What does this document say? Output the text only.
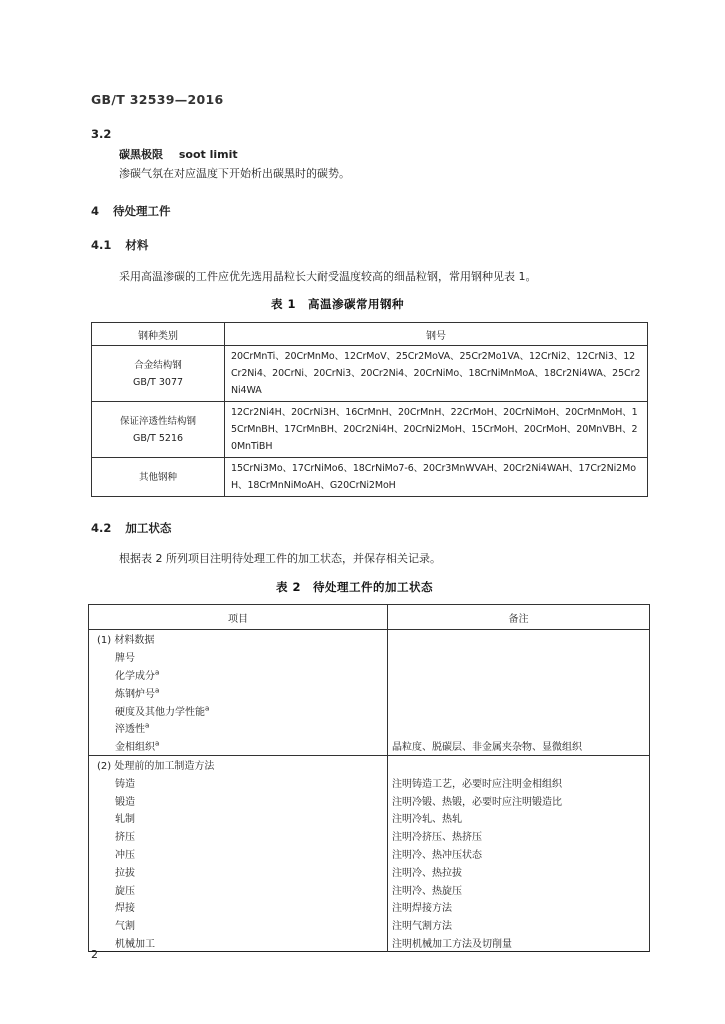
GB/T 32539—2016
3.2
碳黑极限 soot limit
渗碳气氛在对应温度下开始析出碳黑时的碳势。
4 待处理工件
4.1 材料
采用高温渗碳的工件应优先选用晶粒长大耐受温度较高的细晶粒钢，常用钢种见表 1。
表 1　高温渗碳常用钢种
钢种类别	钢号

合金结构钢
GB/T 3077	20CrMnTi、20CrMnMo、12CrMoV、25Cr2MoVA、25Cr2Mo1VA、12CrNi2、12CrNi3、12Cr2Ni4、20CrNi、20CrNi3、20Cr2Ni4、20CrNiMo、18CrNiMnMoA、18Cr2Ni4WA、25Cr2Ni4WA

保证淬透性结构钢
GB/T 5216	12Cr2Ni4H、20CrNi3H、16CrMnH、20CrMnH、22CrMoH、20CrNiMoH、20CrMnMoH、15CrMnBH、17CrMnBH、20Cr2Ni4H、20CrNi2MoH、15CrMoH、20CrMoH、20MnVBH、20MnTiBH

其他钢种	15CrNi3Mo、17CrNiMo6、18CrNiMo7-6、20Cr3MnWVAH、20Cr2Ni4WAH、17Cr2Ni2MoH、18CrMnNiMoAH、G20CrNi2MoH
4.2 加工状态
根据表 2 所列项目注明待处理工件的加工状态，并保存相关记录。
表 2　待处理工件的加工状态
项目	备注
(1) 材料数据	
牌号	
化学成分$^a$	
炼钢炉号$^a$	
硬度及其他力学性能$^a$	
淬透性$^a$	
金相组织$^a$	晶粒度、脱碳层、非金属夹杂物、显微组织
(2) 处理前的加工制造方法	
铸造	注明铸造工艺，必要时应注明金相组织
锻造	注明冷锻、热锻，必要时应注明锻造比
轧制	注明冷轧、热轧
挤压	注明冷挤压、热挤压
冲压	注明冷、热冲压状态
拉拔	注明冷、热拉拔
旋压	注明冷、热旋压
焊接	注明焊接方法
气割	注明气割方法
机械加工	注明机械加工方法及切削量
2
